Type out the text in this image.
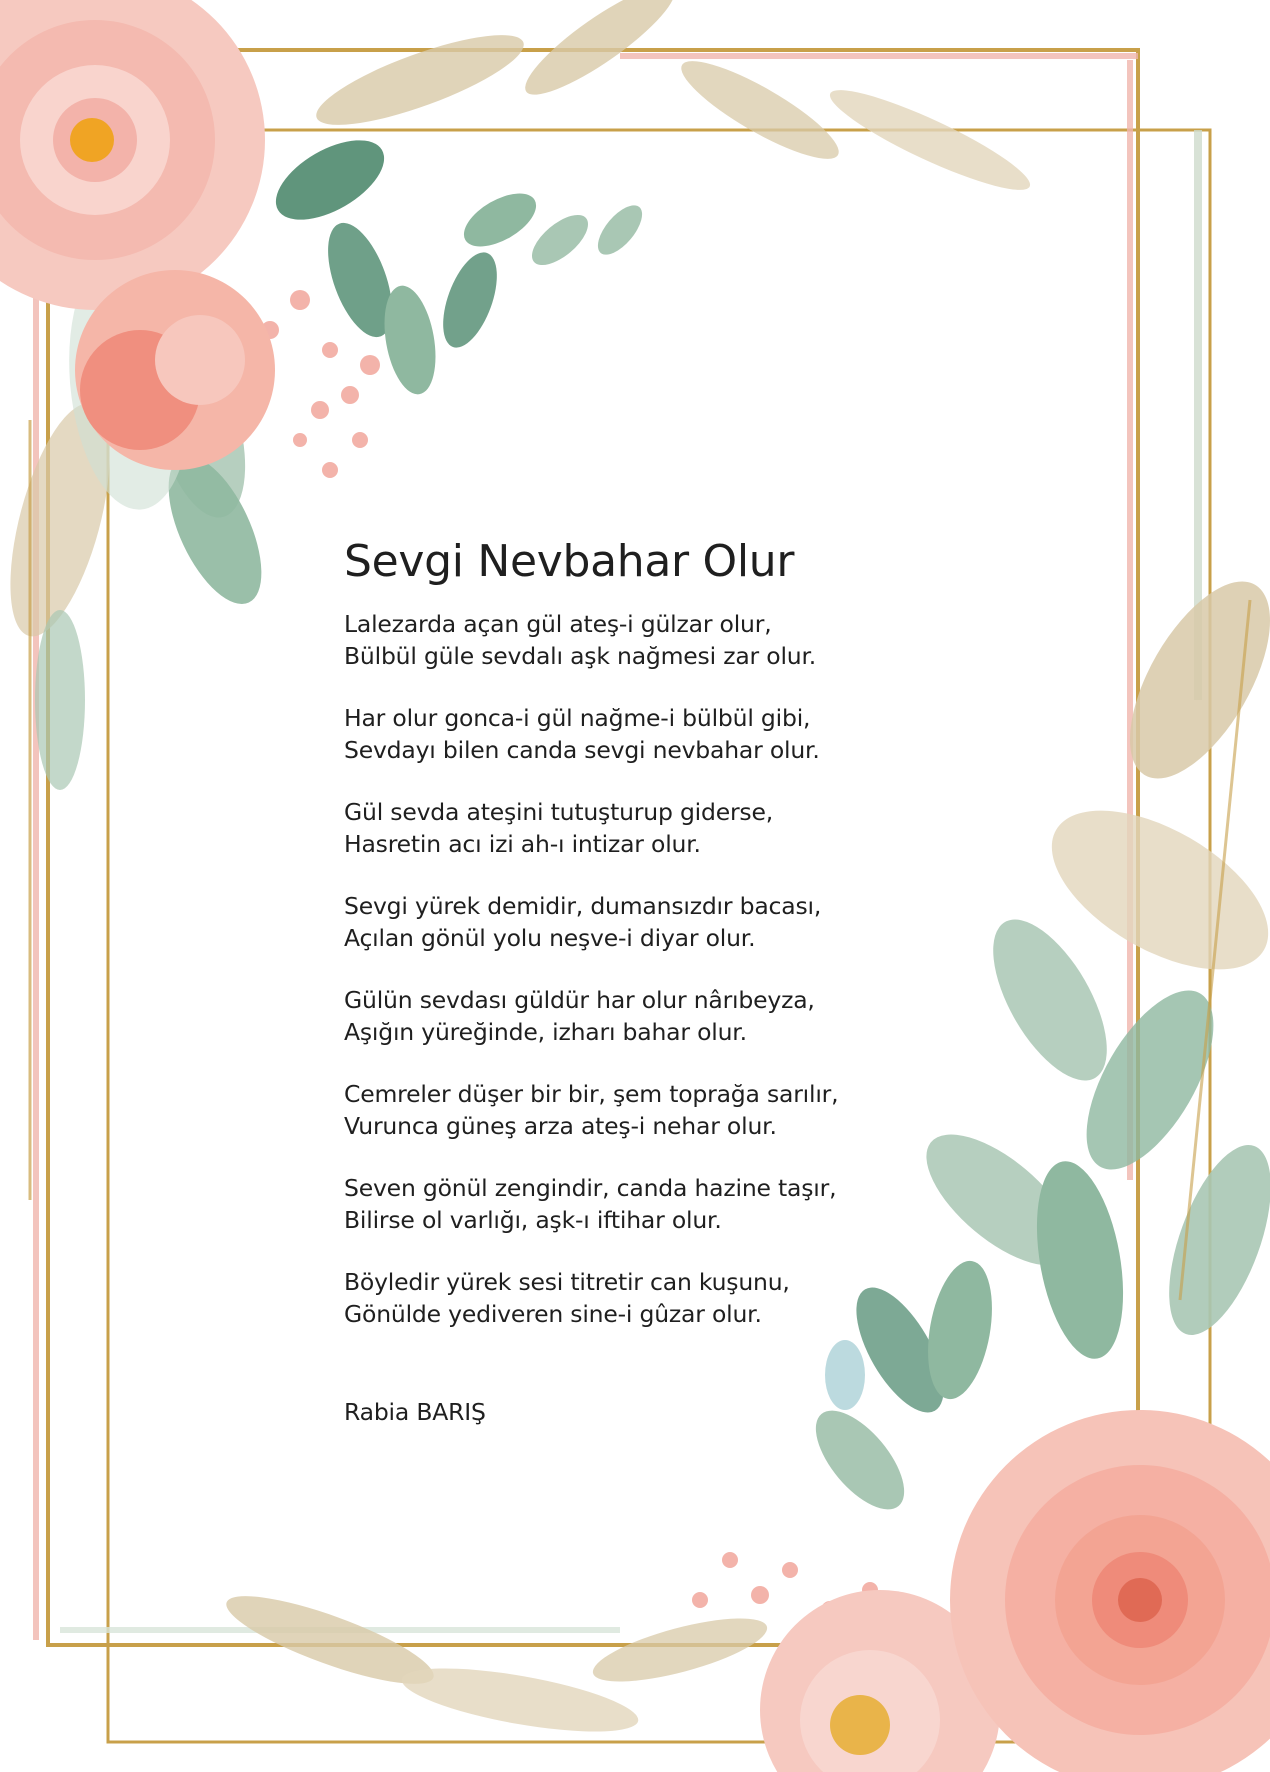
Sevgi Nevbahar Olur
Lalezarda açan gül ateş-i gülzar olur,
Bülbül güle sevdalı aşk nağmesi zar olur.
Har olur gonca-i gül nağme-i bülbül gibi,
Sevdayı bilen canda sevgi nevbahar olur.
Gül sevda ateşini tutuşturup giderse,
Hasretin acı izi ah-ı intizar olur.
Sevgi yürek demidir, dumansızdır bacası,
Açılan gönül yolu neşve-i diyar olur.
Gülün sevdası güldür har olur nârıbeyza,
Aşığın yüreğinde, izharı bahar olur.
Cemreler düşer bir bir, şem toprağa sarılır,
Vurunca güneş arza ateş-i nehar olur.
Seven gönül zengindir, canda hazine taşır,
Bilirse ol varlığı, aşk-ı iftihar olur.
Böyledir yürek sesi titretir can kuşunu,
Gönülde yediveren sine-i gûzar olur.
Rabia BARIŞ
